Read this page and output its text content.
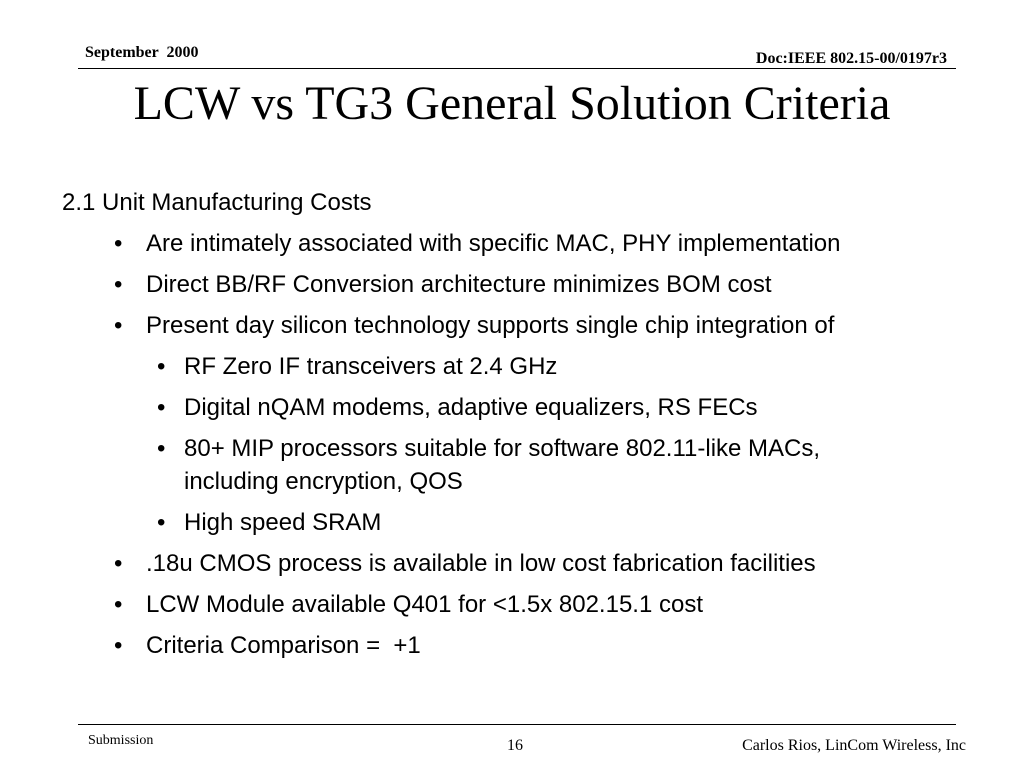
September  2000	Doc:IEEE 802.15-00/0197r3
LCW vs TG3 General Solution Criteria
2.1 Unit Manufacturing Costs
• Are intimately associated with specific MAC, PHY implementation
• Direct BB/RF Conversion architecture minimizes BOM cost
• Present day silicon technology supports single chip integration of
• RF Zero IF transceivers at 2.4 GHz
• Digital nQAM modems, adaptive equalizers, RS FECs
• 80+ MIP processors suitable for software 802.11-like MACs,
including encryption, QOS
• High speed SRAM
• .18u CMOS process is available in low cost fabrication facilities
• LCW Module available Q401 for <1.5x 802.15.1 cost
• Criteria Comparison =  +1
Submission	16	Carlos Rios, LinCom Wireless, Inc
